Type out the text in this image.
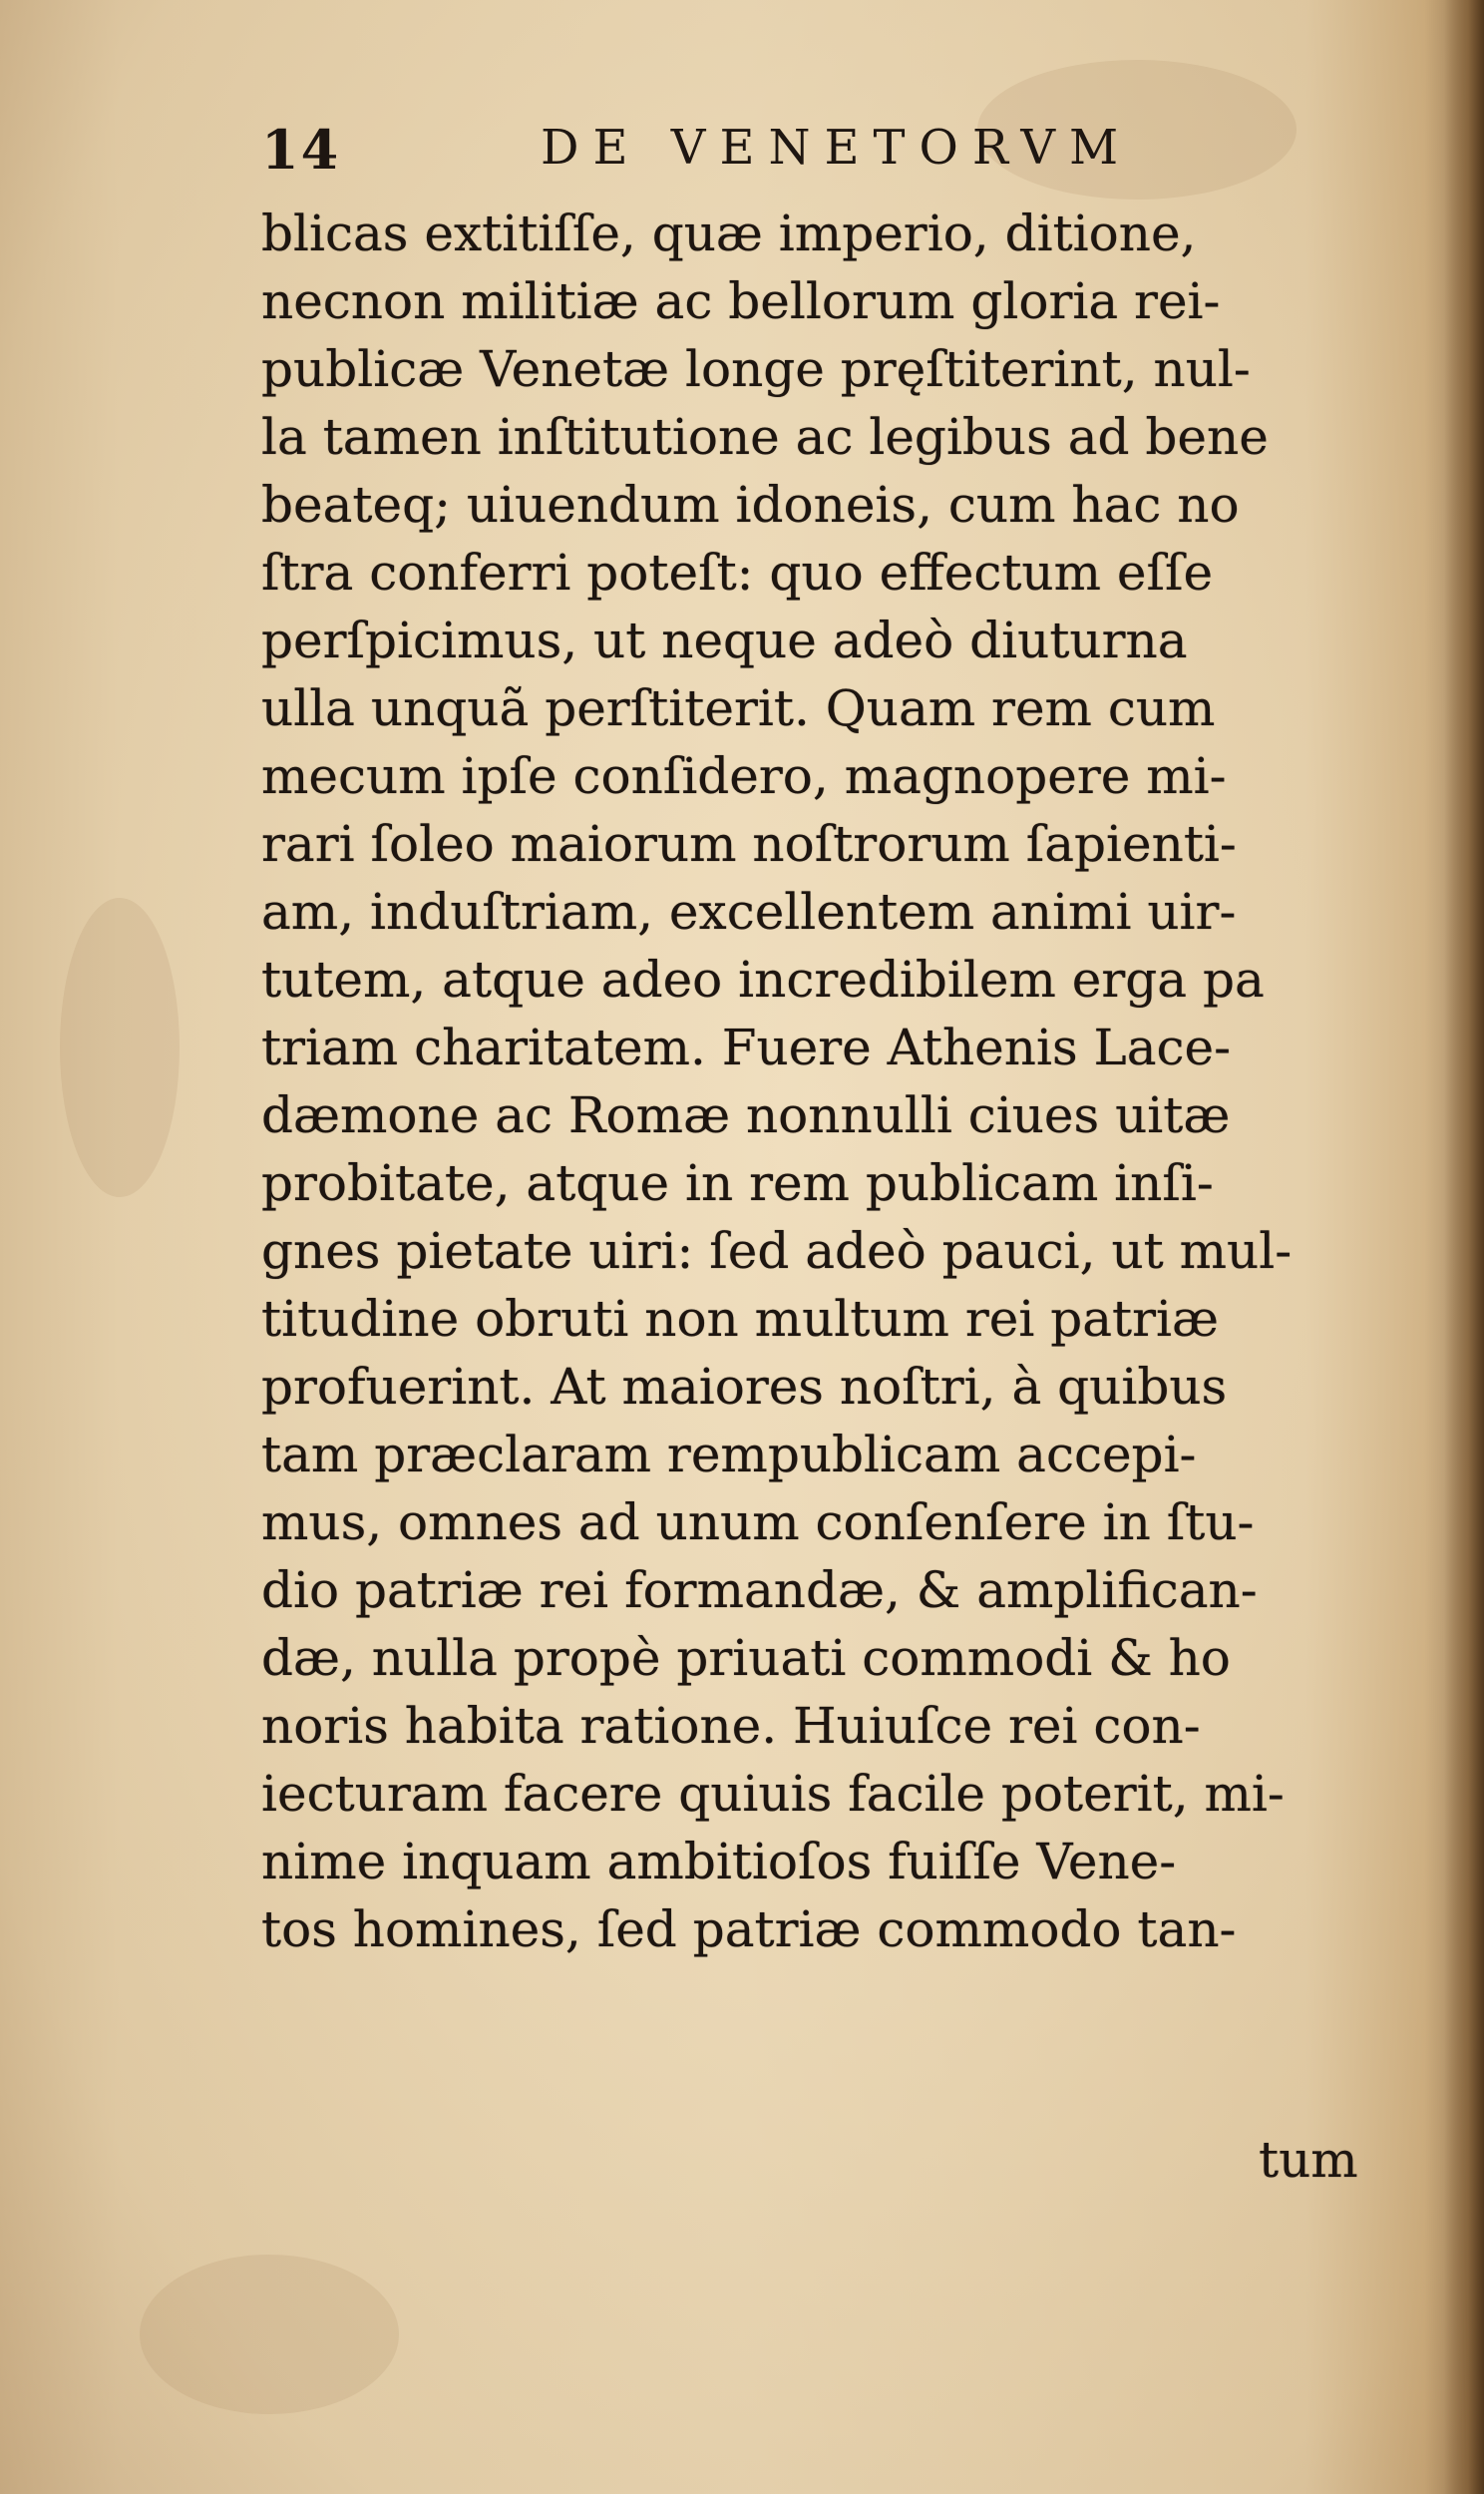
14	DE VENETORVM
blicas extitiſſe, quæ imperio, ditione,
necnon militiæ ac bellorum gloria rei-
publicæ Venetæ longe pręſtiterint, nul-
la tamen inſtitutione ac legibus ad bene
beateq; uiuendum idoneis, cum hac no
ſtra conferri poteſt: quo effectum eſſe
perſpicimus, ut neque adeò diuturna
ulla unquã perſtiterit. Quam rem cum
mecum ipſe conſidero, magnopere mi-
rari ſoleo maiorum noſtrorum ſapienti-
am, induſtriam, excellentem animi uir-
tutem, atque adeo incredibilem erga pa
triam charitatem. Fuere Athenis Lace-
dæmone ac Romæ nonnulli ciues uitæ
probitate, atque in rem publicam inſi-
gnes pietate uiri: ſed adeò pauci, ut mul-
titudine obruti non multum rei patriæ
profuerint. At maiores noſtri, à quibus
tam præclaram rempublicam accepi-
mus, omnes ad unum conſenſere in ſtu-
dio patriæ rei formandæ, & amplifican-
dæ, nulla propè priuati commodi & ho
noris habita ratione. Huiuſce rei con-
iecturam facere quiuis facile poterit, mi-
nime inquam ambitioſos fuiſſe Vene-
tos homines, ſed patriæ commodo tan-
tum
